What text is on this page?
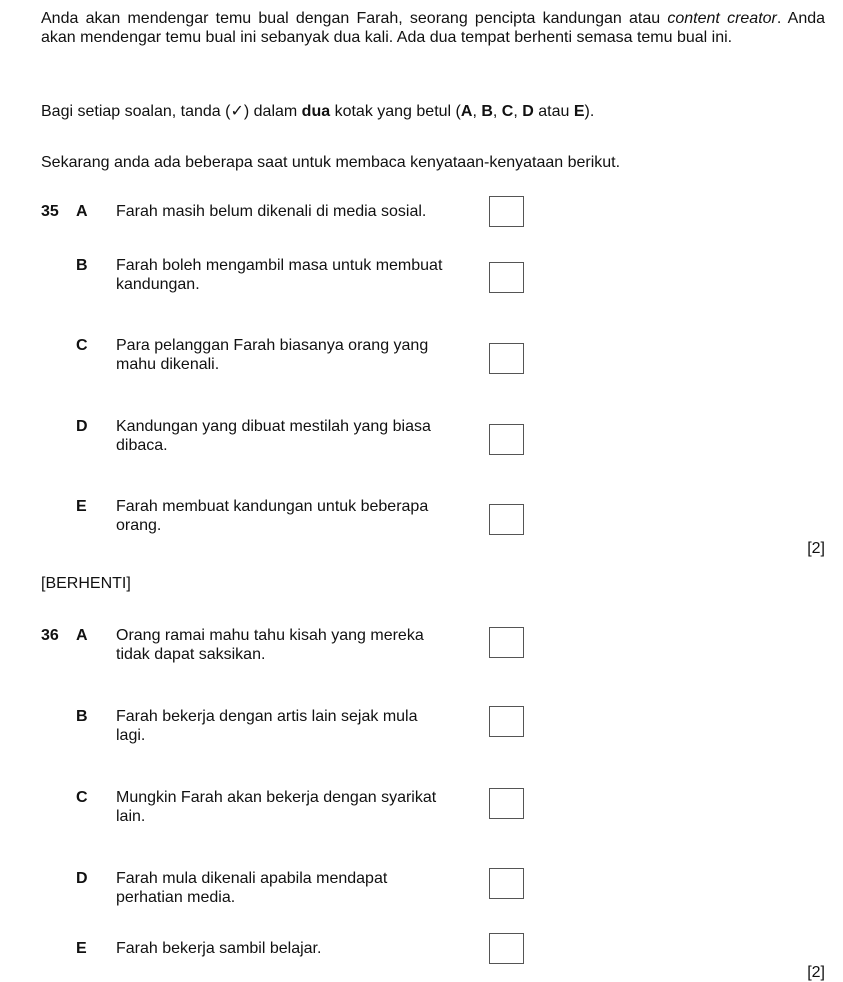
Anda akan mendengar temu bual dengan Farah, seorang pencipta kandungan atau content creator. Anda akan mendengar temu bual ini sebanyak dua kali. Ada dua tempat berhenti semasa temu bual ini.
Bagi setiap soalan, tanda (✓) dalam dua kotak yang betul (A, B, C, D atau E).
Sekarang anda ada beberapa saat untuk membaca kenyataan-kenyataan berikut.
35 A Farah masih belum dikenali di media sosial.
B Farah boleh mengambil masa untuk membuat kandungan.
C Para pelanggan Farah biasanya orang yang mahu dikenali.
D Kandungan yang dibuat mestilah yang biasa dibaca.
E Farah membuat kandungan untuk beberapa orang.
[2]
36 A Orang ramai mahu tahu kisah yang mereka tidak dapat saksikan.
B Farah bekerja dengan artis lain sejak mula lagi.
C Mungkin Farah akan bekerja dengan syarikat lain.
D Farah mula dikenali apabila mendapat perhatian media.
E Farah bekerja sambil belajar.
[2]
[BERHENTI]
